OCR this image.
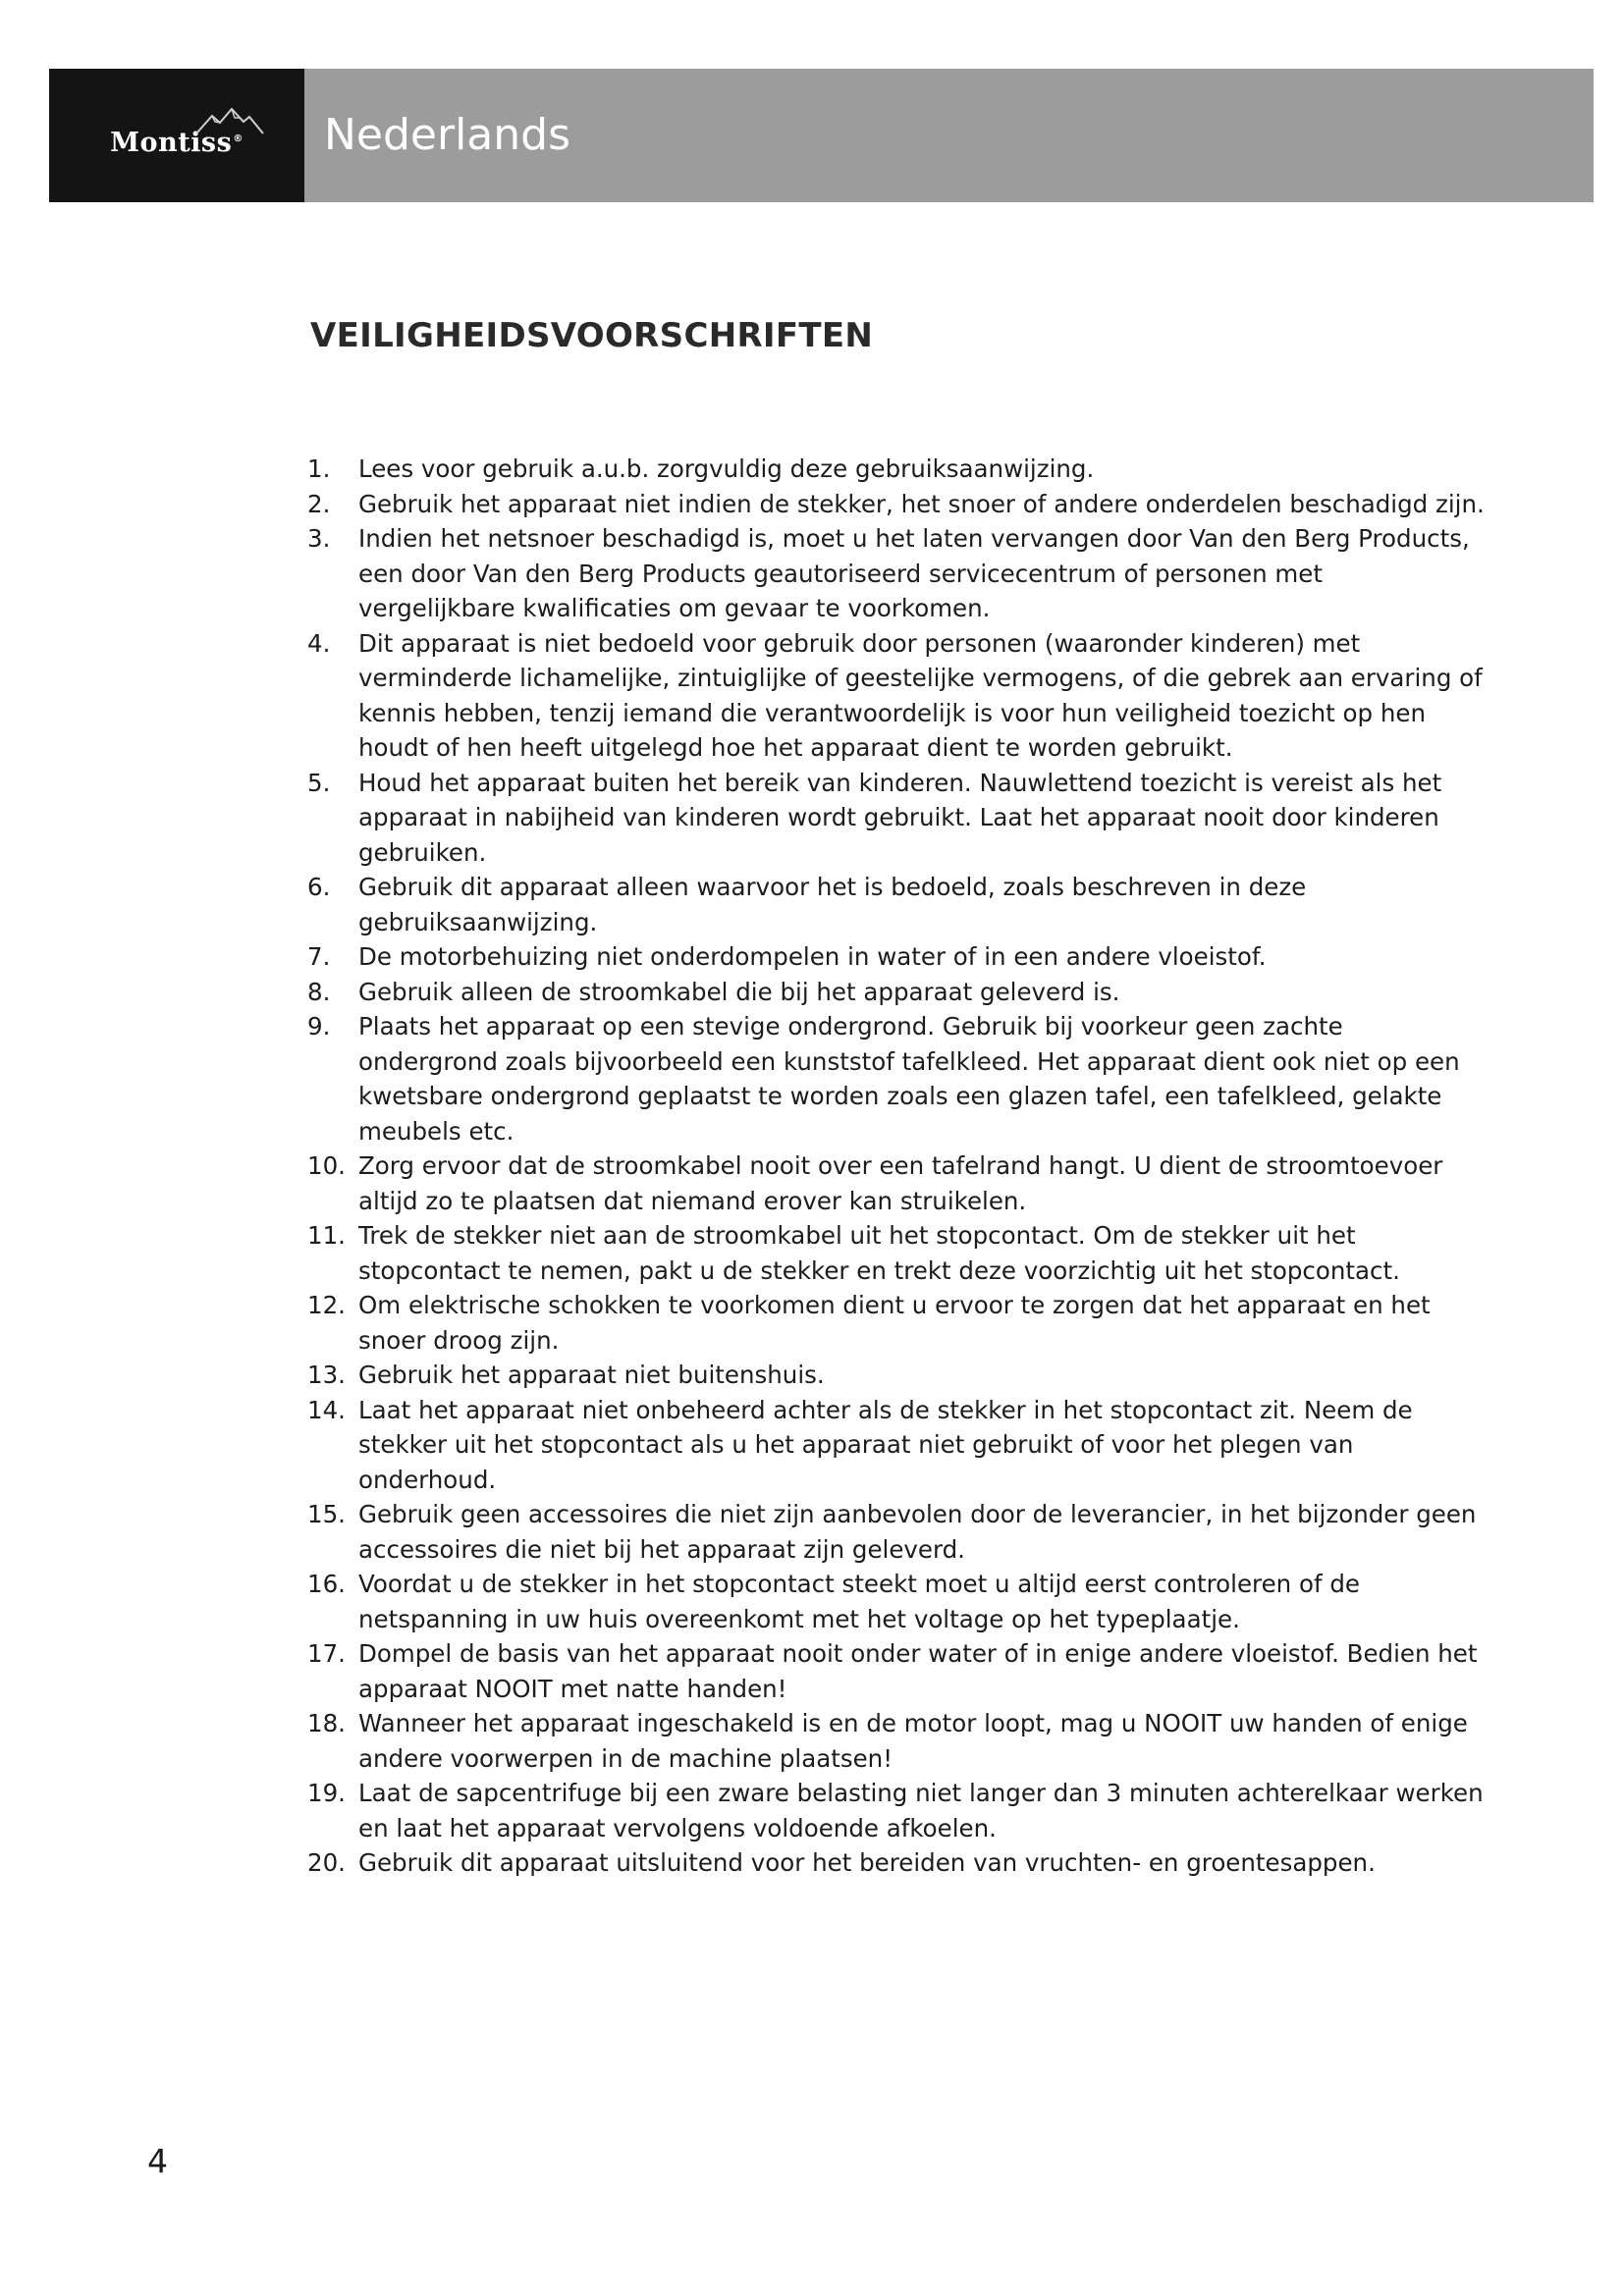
Montiss®	Nederlands
VEILIGHEIDSVOORSCHRIFTEN
1.	Lees voor gebruik a.u.b. zorgvuldig deze gebruiksaanwijzing.
2.	Gebruik het apparaat niet indien de stekker, het snoer of andere onderdelen beschadigd zijn.
3.	Indien het netsnoer beschadigd is, moet u het laten vervangen door Van den Berg Products, een door Van den Berg Products geautoriseerd servicecentrum of personen met vergelijkbare kwalificaties om gevaar te voorkomen.
4.	Dit apparaat is niet bedoeld voor gebruik door personen (waaronder kinderen) met verminderde lichamelijke, zintuiglijke of geestelijke vermogens, of die gebrek aan ervaring of kennis hebben, tenzij iemand die verantwoordelijk is voor hun veiligheid toezicht op hen houdt of hen heeft uitgelegd hoe het apparaat dient te worden gebruikt.
5.	Houd het apparaat buiten het bereik van kinderen. Nauwlettend toezicht is vereist als het apparaat in nabijheid van kinderen wordt gebruikt. Laat het apparaat nooit door kinderen gebruiken.
6.	Gebruik dit apparaat alleen waarvoor het is bedoeld, zoals beschreven in deze gebruiksaanwijzing.
7.	De motorbehuizing niet onderdompelen in water of in een andere vloeistof.
8.	Gebruik alleen de stroomkabel die bij het apparaat geleverd is.
9.	Plaats het apparaat op een stevige ondergrond. Gebruik bij voorkeur geen zachte ondergrond zoals bijvoorbeeld een kunststof tafelkleed. Het apparaat dient ook niet op een kwetsbare ondergrond geplaatst te worden zoals een glazen tafel, een tafelkleed, gelakte meubels etc.
10. Zorg ervoor dat de stroomkabel nooit over een tafelrand hangt. U dient de stroomtoevoer altijd zo te plaatsen dat niemand erover kan struikelen.
11. Trek de stekker niet aan de stroomkabel uit het stopcontact. Om de stekker uit het stopcontact te nemen, pakt u de stekker en trekt deze voorzichtig uit het stopcontact.
12. Om elektrische schokken te voorkomen dient u ervoor te zorgen dat het apparaat en het snoer droog zijn.
13. Gebruik het apparaat niet buitenshuis.
14. Laat het apparaat niet onbeheerd achter als de stekker in het stopcontact zit. Neem de stekker uit het stopcontact als u het apparaat niet gebruikt of voor het plegen van onderhoud.
15. Gebruik geen accessoires die niet zijn aanbevolen door de leverancier, in het bijzonder geen accessoires die niet bij het apparaat zijn geleverd.
16. Voordat u de stekker in het stopcontact steekt moet u altijd eerst controleren of de netspanning in uw huis overeenkomt met het voltage op het typeplaatje.
17. Dompel de basis van het apparaat nooit onder water of in enige andere vloeistof. Bedien het apparaat NOOIT met natte handen!
18. Wanneer het apparaat ingeschakeld is en de motor loopt, mag u NOOIT uw handen of enige andere voorwerpen in de machine plaatsen!
19. Laat de sapcentrifuge bij een zware belasting niet langer dan 3 minuten achterelkaar werken en laat het apparaat vervolgens voldoende afkoelen.
20. Gebruik dit apparaat uitsluitend voor het bereiden van vruchten- en groentesappen.
4
